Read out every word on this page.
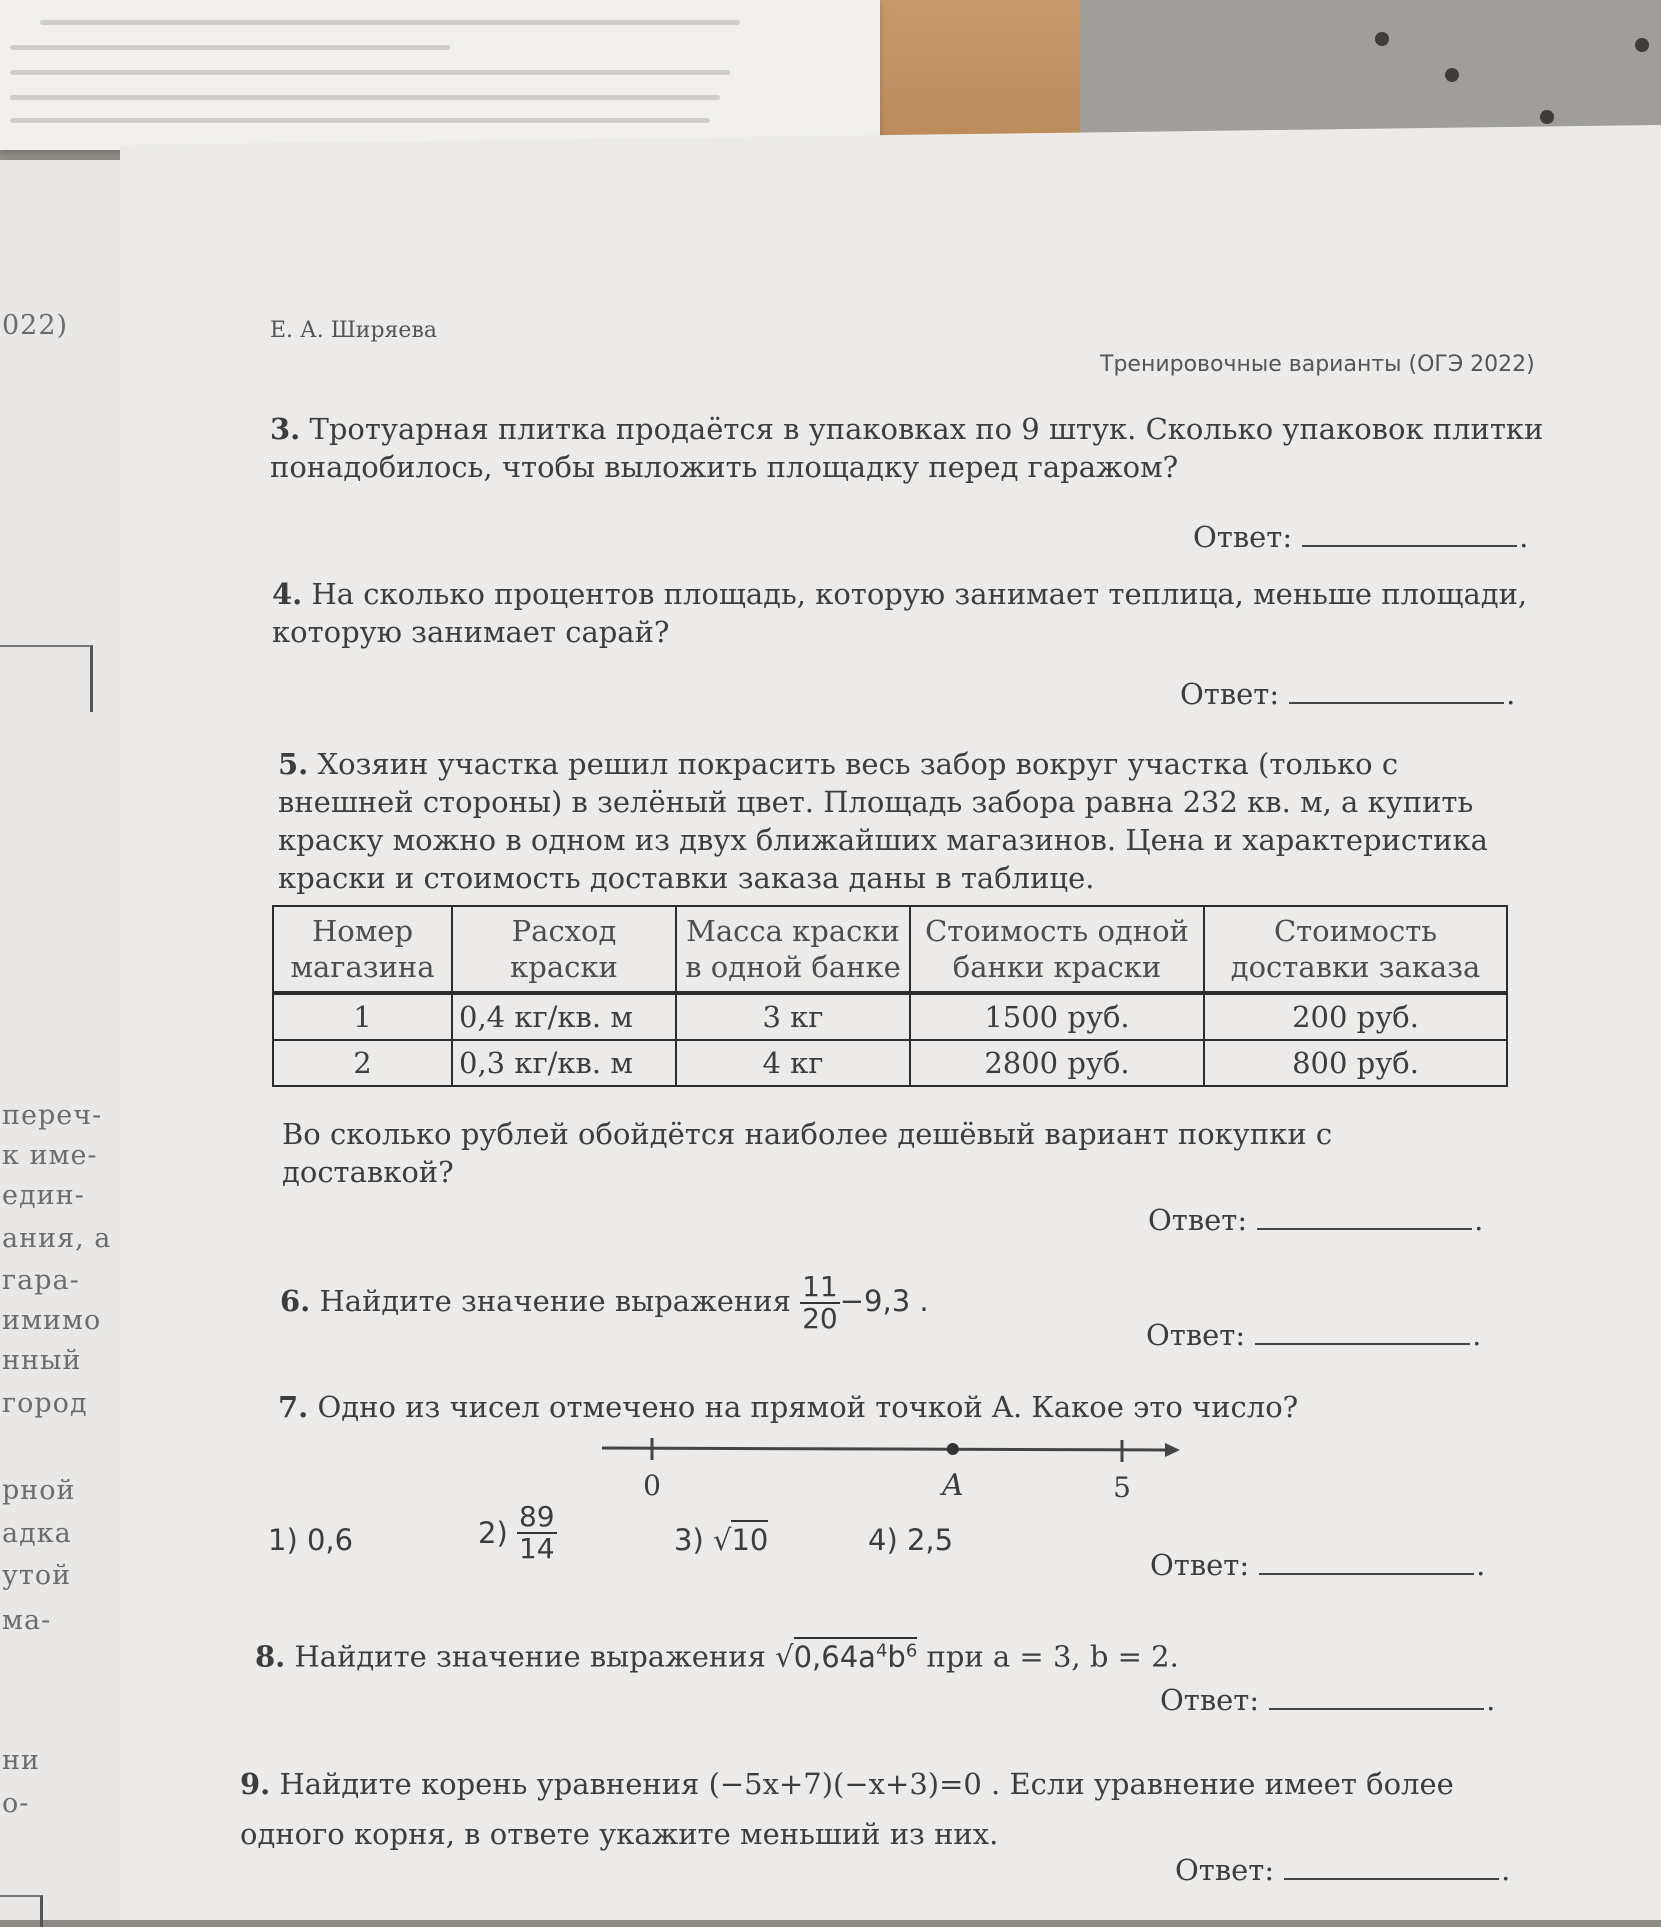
022)
переч-
к име-
един-
ания, а
гара-
имимо
нный
город
рной
адка
утой
ма-
ни
о-
Е. А. Ширяева
Тренировочные варианты (ОГЭ 2022)
3. Тротуарная плитка продаётся в упаковках по 9 штук. Сколько упаковок плитки понадобилось, чтобы выложить площадку перед гаражом?
Ответ:	.
4. На сколько процентов площадь, которую занимает теплица, меньше площади, которую занимает сарай?
Ответ:	.
5. Хозяин участка решил покрасить весь забор вокруг участка (только с внешней стороны) в зелёный цвет. Площадь забора равна 232 кв. м, а купить краску можно в одном из двух ближайших магазинов. Цена и характеристика краски и стоимость доставки заказа даны в таблице.
Номер магазина	Расход краски	Масса краски в одной банке	Стоимость одной банки краски	Стоимость доставки заказа
1	0,4 кг/кв. м	3 кг	1500 руб.	200 руб.
2	0,3 кг/кв. м	4 кг	2800 руб.	800 руб.
Во сколько рублей обойдётся наиболее дешёвый вариант покупки с доставкой?
Ответ:	.
6. Найдите значение выражения $\frac{11}{20} -9,3$ .
Ответ:	.
7. Одно из чисел отмечено на прямой точкой A. Какое это число?
0	A	5
1) 0,6	$2) \frac{89}{14}$	3) √10	4) 2,5
Ответ:	.
8. Найдите значение выражения $√0,64a^4b^6$ при a = 3, b = 2.
Ответ:	.
9. Найдите корень уравнения (−5x+7)(−x+3)=0 . Если уравнение имеет более одного корня, в ответе укажите меньший из них.
Ответ:	.
